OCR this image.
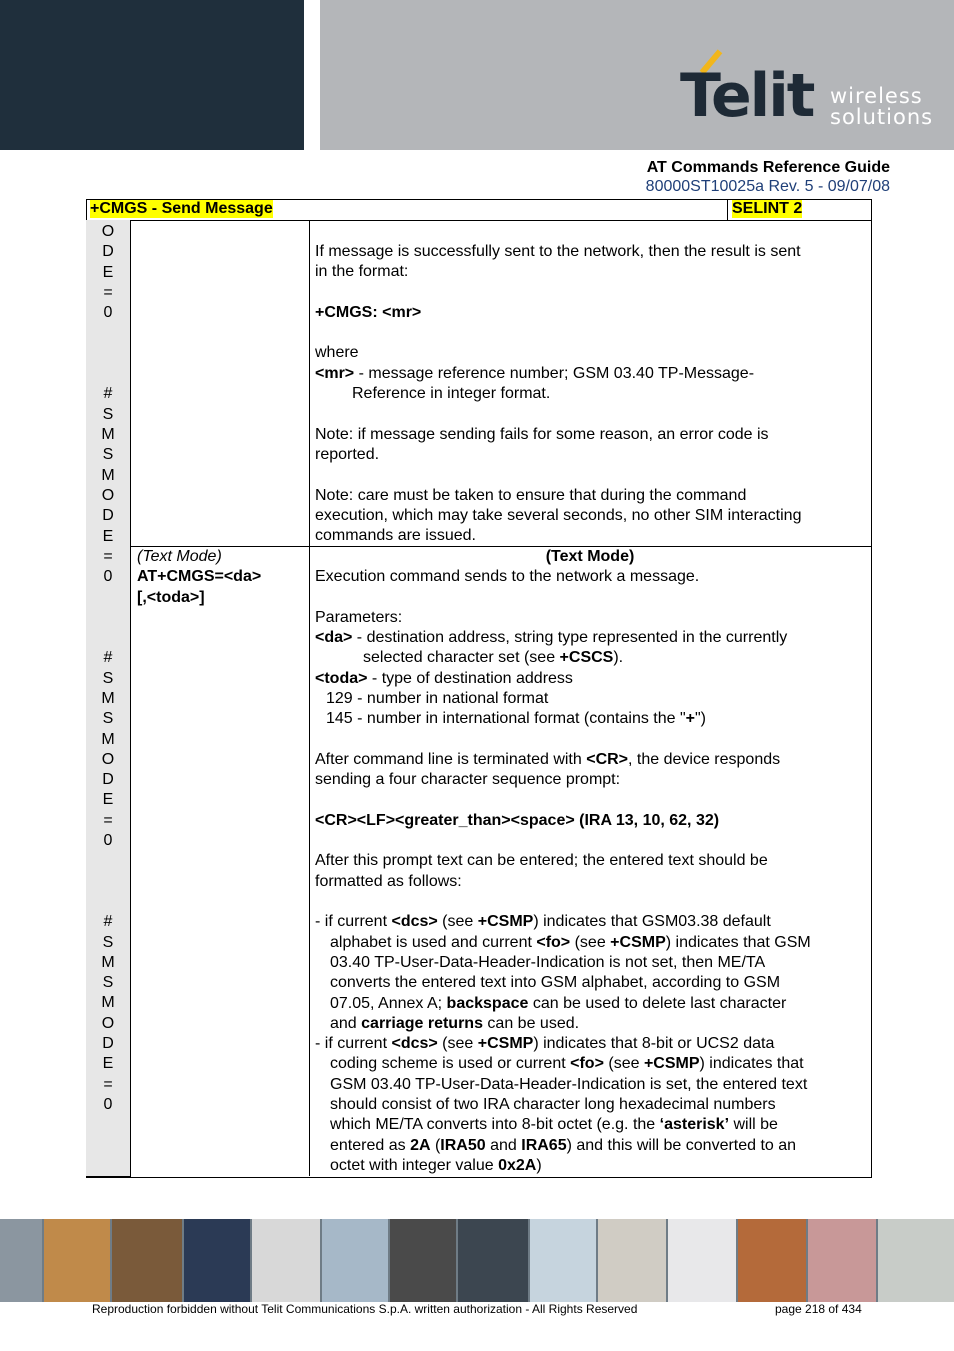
Telit wireless
solutions
AT Commands Reference Guide
80000ST10025a Rev. 5 - 09/07/08
+CMGS - Send Message	SELINT 2
O
D
E
=
0
#
S
M
S
M
O
D
E
=
0
#
S
M
S
M
O
D
E
=
0
#
S
M
S
M
O
D
E
=
0

If message is successfully sent to the network, then the result is sent

in the format:

+CMGS: <mr>

where

<mr> - message reference number; GSM 03.40 TP-Message-

Reference in integer format.

Note: if message sending fails for some reason, an error code is

reported.

Note: care must be taken to ensure that during the command

execution, which may take several seconds, no other SIM interacting

commands are issued.

(Text Mode)

AT+CMGS=<da>

[,<toda>]

(Text Mode)

Execution command sends to the network a message.

Parameters:

<da> - destination address, string type represented in the currently

selected character set (see +CSCS).

<toda> - type of destination address

129 - number in national format

145 - number in international format (contains the "+")

After command line is terminated with <CR>, the device responds

sending a four character sequence prompt:

<CR><LF><greater_than><space> (IRA 13, 10, 62, 32)

After this prompt text can be entered; the entered text should be

formatted as follows:

- if current <dcs> (see +CSMP) indicates that GSM03.38 default

alphabet is used and current <fo> (see +CSMP) indicates that GSM

03.40 TP-User-Data-Header-Indication is not set, then ME/TA

converts the entered text into GSM alphabet, according to GSM

07.05, Annex A; backspace can be used to delete last character

and carriage returns can be used.

- if current <dcs> (see +CSMP) indicates that 8-bit or UCS2 data

coding scheme is used or current <fo> (see +CSMP) indicates that

GSM 03.40 TP-User-Data-Header-Indication is set, the entered text

should consist of two IRA character long hexadecimal numbers

which ME/TA converts into 8-bit octet (e.g. the ‘asterisk’ will be

entered as 2A (IRA50 and IRA65) and this will be converted to an

octet with integer value 0x2A)

Reproduction forbidden without Telit Communications S.p.A. written authorization - All Rights Reserved	page 218 of 434
